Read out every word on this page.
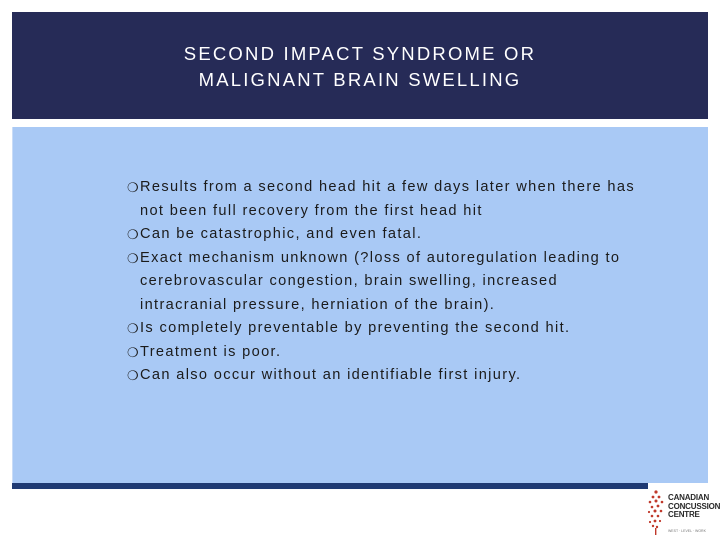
SECOND IMPACT SYNDROME OR
MALIGNANT BRAIN SWELLING
❍ Results from a second head hit a few days later when there has not been full recovery from the first head hit
❍ Can be catastrophic, and even fatal.
❍ Exact mechanism unknown (?loss of autoregulation leading to cerebrovascular congestion, brain swelling, increased intracranial pressure, herniation of the brain).
❍ Is completely preventable by preventing the second hit.
❍ Treatment is poor.
❍ Can also occur without an identifiable first injury.
CANADIAN
CONCUSSION
CENTRE
WEST · LEVEL · WORK
